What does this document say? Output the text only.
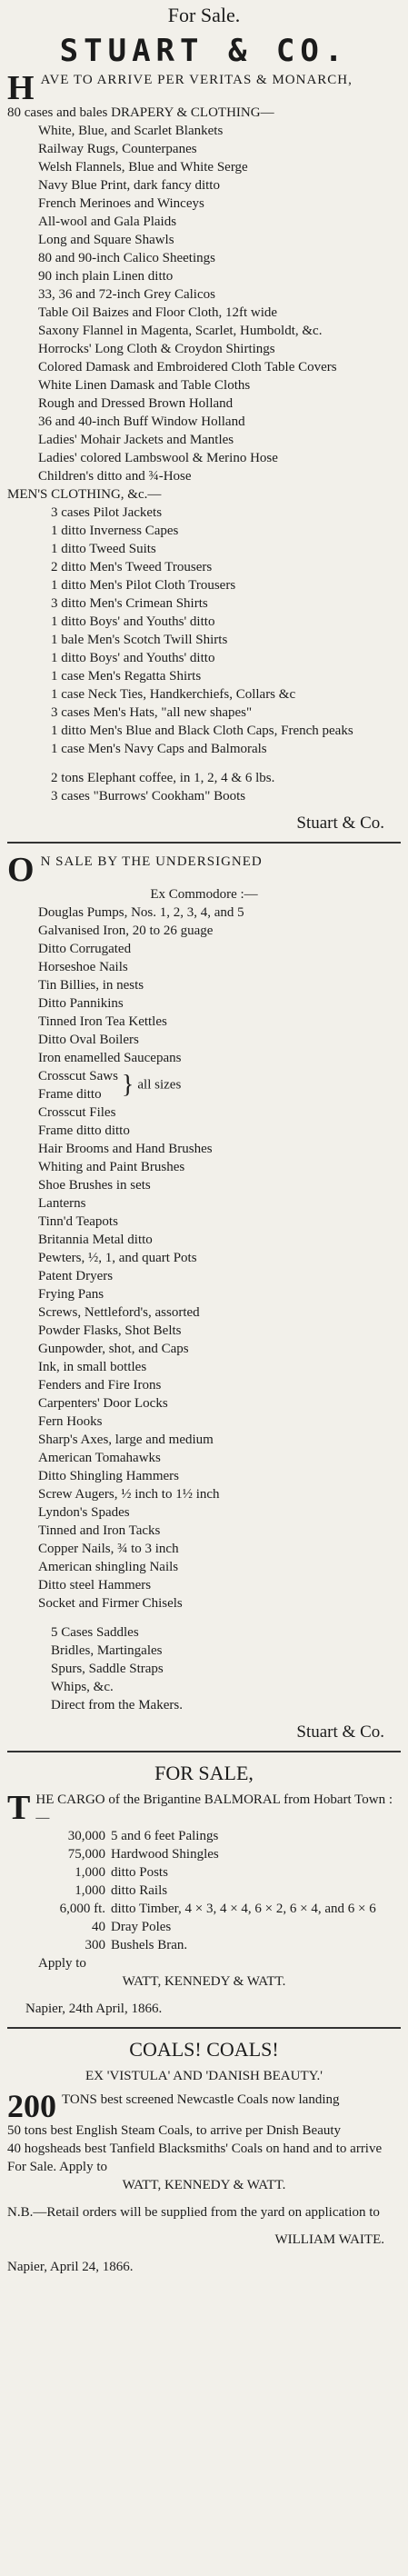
For Sale.
STUART & CO.
H AVE TO ARRIVE PER VERITAS & MONARCH,
80 cases and bales DRAPERY & CLOTHING—
White, Blue, and Scarlet Blankets
Railway Rugs, Counterpanes
Welsh Flannels, Blue and White Serge
Navy Blue Print, dark fancy ditto
French Merinoes and Winceys
All-wool and Gala Plaids
Long and Square Shawls
80 and 90-inch Calico Sheetings
90 inch plain Linen ditto
33, 36 and 72-inch Grey Calicos
Table Oil Baizes and Floor Cloth, 12ft wide
Saxony Flannel in Magenta, Scarlet, Humboldt, &c.
Horrocks' Long Cloth & Croydon Shirtings
Colored Damask and Embroidered Cloth Table Covers
White Linen Damask and Table Cloths
Rough and Dressed Brown Holland
36 and 40-inch Buff Window Holland
Ladies' Mohair Jackets and Mantles
Ladies' colored Lambswool & Merino Hose
Children's ditto and ¾-Hose
MEN'S CLOTHING, &c.—
3 cases Pilot Jackets
1 ditto Inverness Capes
1 ditto Tweed Suits
2 ditto Men's Tweed Trousers
1 ditto Men's Pilot Cloth Trousers
3 ditto Men's Crimean Shirts
1 ditto Boys' and Youths' ditto
1 bale Men's Scotch Twill Shirts
1 ditto Boys' and Youths' ditto
1 case Men's Regatta Shirts
1 case Neck Ties, Handkerchiefs, Collars &c
3 cases Men's Hats, "all new shapes"
1 ditto Men's Blue and Black Cloth Caps, French peaks
1 case Men's Navy Caps and Balmorals
2 tons Elephant coffee, in 1, 2, 4 & 6 lbs.
3 cases "Burrows' Cookham" Boots
Stuart & Co.
O N SALE BY THE UNDERSIGNED
Ex Commodore :—
Douglas Pumps, Nos. 1, 2, 3, 4, and 5
Galvanised Iron, 20 to 26 guage
Ditto Corrugated
Horseshoe Nails
Tin Billies, in nests
Ditto Pannikins
Tinned Iron Tea Kettles
Ditto Oval Boilers
Iron enamelled Saucepans
Crosscut Saws
Frame ditto } all sizes
Crosscut Files
Frame ditto ditto
Hair Brooms and Hand Brushes
Whiting and Paint Brushes
Shoe Brushes in sets
Lanterns
Tinn'd Teapots
Britannia Metal ditto
Pewters, ½, 1, and quart Pots
Patent Dryers
Frying Pans
Screws, Nettleford's, assorted
Powder Flasks, Shot Belts
Gunpowder, shot, and Caps
Ink, in small bottles
Fenders and Fire Irons
Carpenters' Door Locks
Fern Hooks
Sharp's Axes, large and medium
American Tomahawks
Ditto Shingling Hammers
Screw Augers, ½ inch to 1½ inch
Lyndon's Spades
Tinned and Iron Tacks
Copper Nails, ¾ to 3 inch
American shingling Nails
Ditto steel Hammers
Socket and Firmer Chisels
5 Cases Saddles
Bridles, Martingales
Spurs, Saddle Straps
Whips, &c.
Direct from the Makers.
Stuart & Co.
FOR SALE,
T HE CARGO of the Brigantine BALMORAL from Hobart Town :—
30,000	5 and 6 feet Palings
75,000	Hardwood Shingles
1,000	ditto Posts
1,000	ditto Rails
6,000 ft.	ditto Timber, 4 × 3, 4 × 4, 6 × 2, 6 × 4, and 6 × 6
40	Dray Poles
300	Bushels Bran.
Apply to
WATT, KENNEDY & WATT.
Napier, 24th April, 1866.
COALS! COALS!
EX 'VISTULA' AND 'DANISH BEAUTY.'
200 TONS best screened Newcastle Coals now landing
50 tons best English Steam Coals, to arrive per Dnish Beauty
40 hogsheads best Tanfield Blacksmiths' Coals on hand and to arrive
For Sale. Apply to
WATT, KENNEDY & WATT.
N.B.—Retail orders will be supplied from the yard on application to
WILLIAM WAITE.
Napier, April 24, 1866.
